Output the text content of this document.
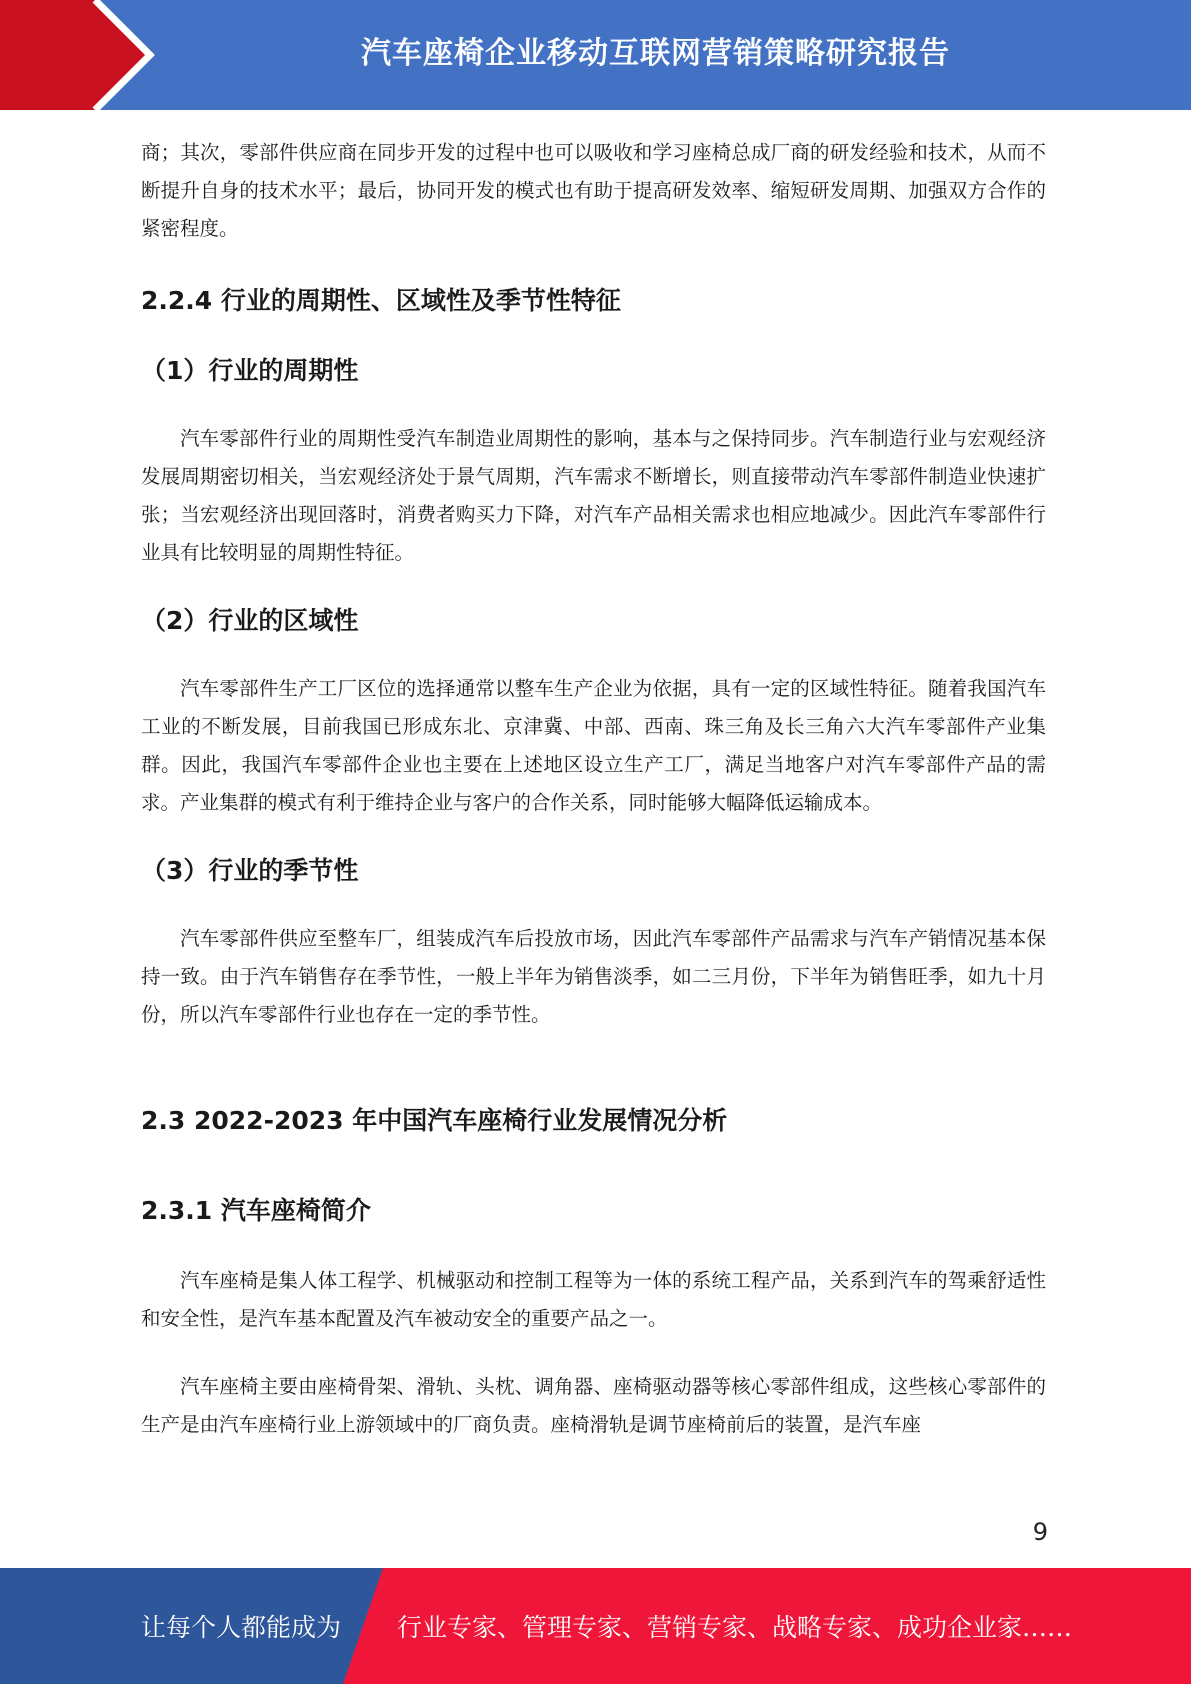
汽车座椅企业移动互联网营销策略研究报告

商；其次，零部件供应商在同步开发的过程中也可以吸收和学习座椅总成厂商的研发经验和技术，从而不断提升自身的技术水平；最后，协同开发的模式也有助于提高研发效率、缩短研发周期、加强双方合作的紧密程度。

2.2.4 行业的周期性、区域性及季节性特征
（1）行业的周期性

汽车零部件行业的周期性受汽车制造业周期性的影响，基本与之保持同步。汽车制造行业与宏观经济发展周期密切相关，当宏观经济处于景气周期，汽车需求不断增长，则直接带动汽车零部件制造业快速扩张；当宏观经济出现回落时，消费者购买力下降，对汽车产品相关需求也相应地减少。因此汽车零部件行业具有比较明显的周期性特征。

（2）行业的区域性

汽车零部件生产工厂区位的选择通常以整车生产企业为依据，具有一定的区域性特征。随着我国汽车工业的不断发展，目前我国已形成东北、京津冀、中部、西南、珠三角及长三角六大汽车零部件产业集群。因此，我国汽车零部件企业也主要在上述地区设立生产工厂，满足当地客户对汽车零部件产品的需求。产业集群的模式有利于维持企业与客户的合作关系，同时能够大幅降低运输成本。

（3）行业的季节性

汽车零部件供应至整车厂，组装成汽车后投放市场，因此汽车零部件产品需求与汽车产销情况基本保持一致。由于汽车销售存在季节性，一般上半年为销售淡季，如二三月份，下半年为销售旺季，如九十月份，所以汽车零部件行业也存在一定的季节性。

2.3 2022-2023 年中国汽车座椅行业发展情况分析
2.3.1 汽车座椅简介

汽车座椅是集人体工程学、机械驱动和控制工程等为一体的系统工程产品，关系到汽车的驾乘舒适性和安全性，是汽车基本配置及汽车被动安全的重要产品之一。

汽车座椅主要由座椅骨架、滑轨、头枕、调角器、座椅驱动器等核心零部件组成，这些核心零部件的生产是由汽车座椅行业上游领域中的厂商负责。座椅滑轨是调节座椅前后的装置，是汽车座

9
让每个人都能成为 行业专家、管理专家、营销专家、战略专家、成功企业家……
